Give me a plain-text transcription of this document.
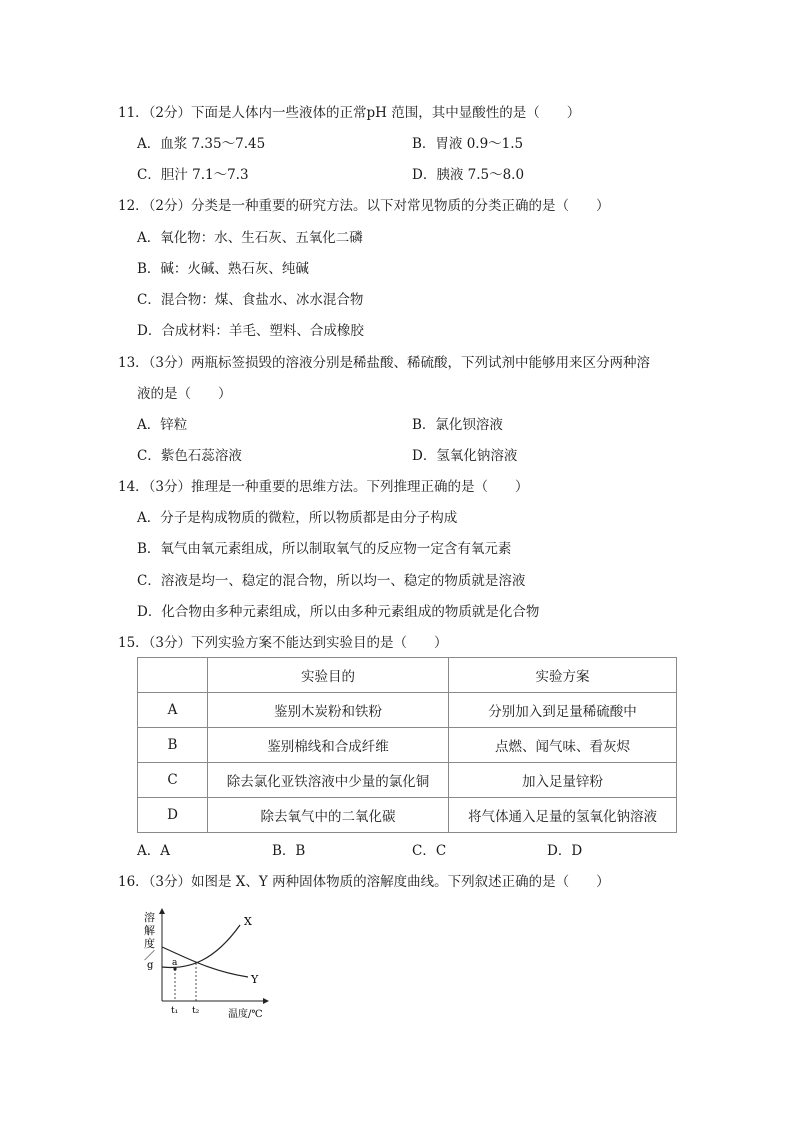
11．（2分）下面是人体内一些液体的正常pH 范围，其中显酸性的是（　　）
A．血浆 7.35～7.45	B．胃液 0.9～1.5
C．胆汁 7.1～7.3	D．胰液 7.5～8.0
12．（2分）分类是一种重要的研究方法。以下对常见物质的分类正确的是（　　）
A．氧化物：水、生石灰、五氧化二磷
B．碱：火碱、熟石灰、纯碱
C．混合物：煤、食盐水、冰水混合物
D．合成材料：羊毛、塑料、合成橡胶
13．（3分）两瓶标签损毁的溶液分别是稀盐酸、稀硫酸，下列试剂中能够用来区分两种溶
液的是（　　）
A．锌粒	B．氯化钡溶液
C．紫色石蕊溶液	D．氢氧化钠溶液
14．（3分）推理是一种重要的思维方法。下列推理正确的是（　　）
A．分子是构成物质的微粒，所以物质都是由分子构成
B．氧气由氧元素组成，所以制取氧气的反应物一定含有氧元素
C．溶液是均一、稳定的混合物，所以均一、稳定的物质就是溶液
D．化合物由多种元素组成，所以由多种元素组成的物质就是化合物
15．（3分）下列实验方案不能达到实验目的是（　　）
	实验目的	实验方案
A	鉴别木炭粉和铁粉	分别加入到足量稀硫酸中
B	鉴别棉线和合成纤维	点燃、闻气味、看灰烬
C	除去氯化亚铁溶液中少量的氯化铜	加入足量锌粉
D	除去氧气中的二氧化碳	将气体通入足量的氢氧化钠溶液
A．A	B．B	C．C	D．D
16．（3分）如图是 X、Y 两种固体物质的溶解度曲线。下列叙述正确的是（　　）
溶
解
度
／
g
X
Y
a
t₁ t₂	温度/℃
